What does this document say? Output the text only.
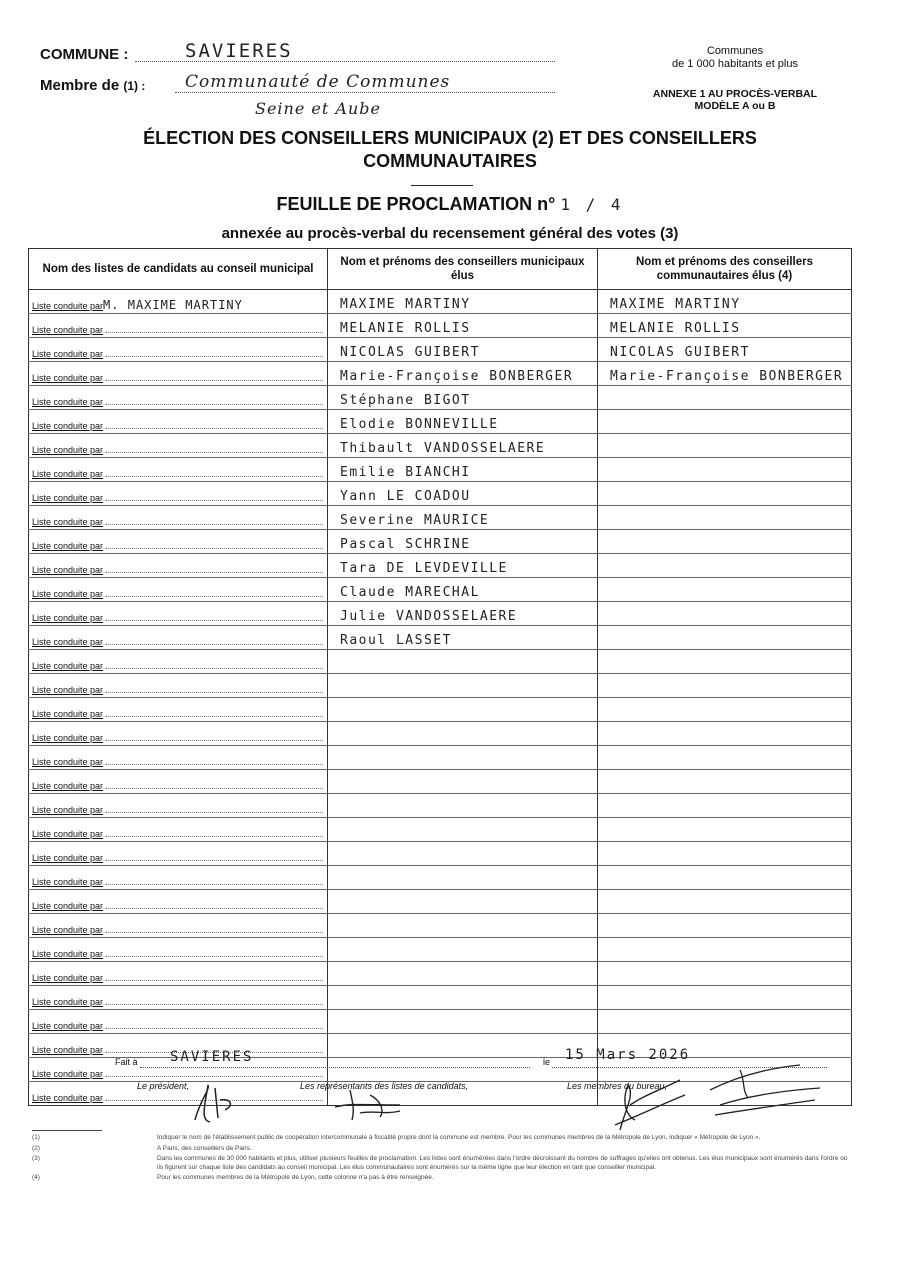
COMMUNE :	SAVIERES
Membre de (1) : Communauté de Communes
Seine et Aube
Communes
de 1 000 habitants et plus
ANNEXE 1 AU PROCÈS-VERBAL
MODÈLE A ou B
ÉLECTION DES CONSEILLERS MUNICIPAUX (2) ET DES CONSEILLERS
COMMUNAUTAIRES
FEUILLE DE PROCLAMATION n° 1 / 4
annexée au procès-verbal du recensement général des votes (3)
Nom des listes de candidats au conseil municipal	Nom et prénoms des conseillers municipaux élus	Nom et prénoms des conseillers communautaires élus (4)

Liste conduite par M. MAXIME MARTINY	MAXIME MARTINY	MAXIME MARTINY

Liste conduite par	MELANIE ROLLIS	MELANIE ROLLIS

Liste conduite par	NICOLAS GUIBERT	NICOLAS GUIBERT

Liste conduite par	Marie-Françoise BONBERGER	Marie-Françoise BONBERGER

Liste conduite par	Stéphane BIGOT	

Liste conduite par	Elodie BONNEVILLE	

Liste conduite par	Thibault VANDOSSELAERE	

Liste conduite par	Emilie BIANCHI	

Liste conduite par	Yann LE COADOU	

Liste conduite par	Severine MAURICE	

Liste conduite par	Pascal SCHRINE	

Liste conduite par	Tara DE LEVDEVILLE	

Liste conduite par	Claude MARECHAL	

Liste conduite par	Julie VANDOSSELAERE	

Liste conduite par	Raoul LASSET	

Liste conduite par		

Liste conduite par		

Liste conduite par		

Liste conduite par		

Liste conduite par		

Liste conduite par		

Liste conduite par		

Liste conduite par		

Liste conduite par		

Liste conduite par		

Liste conduite par		

Liste conduite par		

Liste conduite par		

Liste conduite par		

Liste conduite par		

Liste conduite par		

Liste conduite par		

Liste conduite par		

Liste conduite par		

Fait à SAVIERES	le 15 Mars 2026
Le président,	Les représentants des listes de candidats,	Les membres du bureau,
(1)	Indiquer le nom de l'établissement public de coopération intercommunale à fiscalité propre dont la commune est membre. Pour les communes membres de la Métropole de Lyon, indiquer « Métropole de Lyon ».
(2)	A Paris, des conseillers de Paris.
(3)	Dans les communes de 30 000 habitants et plus, utiliser plusieurs feuilles de proclamation. Les listes sont énumérées dans l'ordre décroissant du nombre de suffrages qu'elles ont obtenus. Les élus municipaux sont énumérés dans l'ordre où ils figurent sur chaque liste des candidats au conseil municipal. Les élus communautaires sont énumérés sur la même ligne que leur élection en tant que conseiller municipal.
(4)	Pour les communes membres de la Métropole de Lyon, cette colonne n'a pas à être renseignée.
